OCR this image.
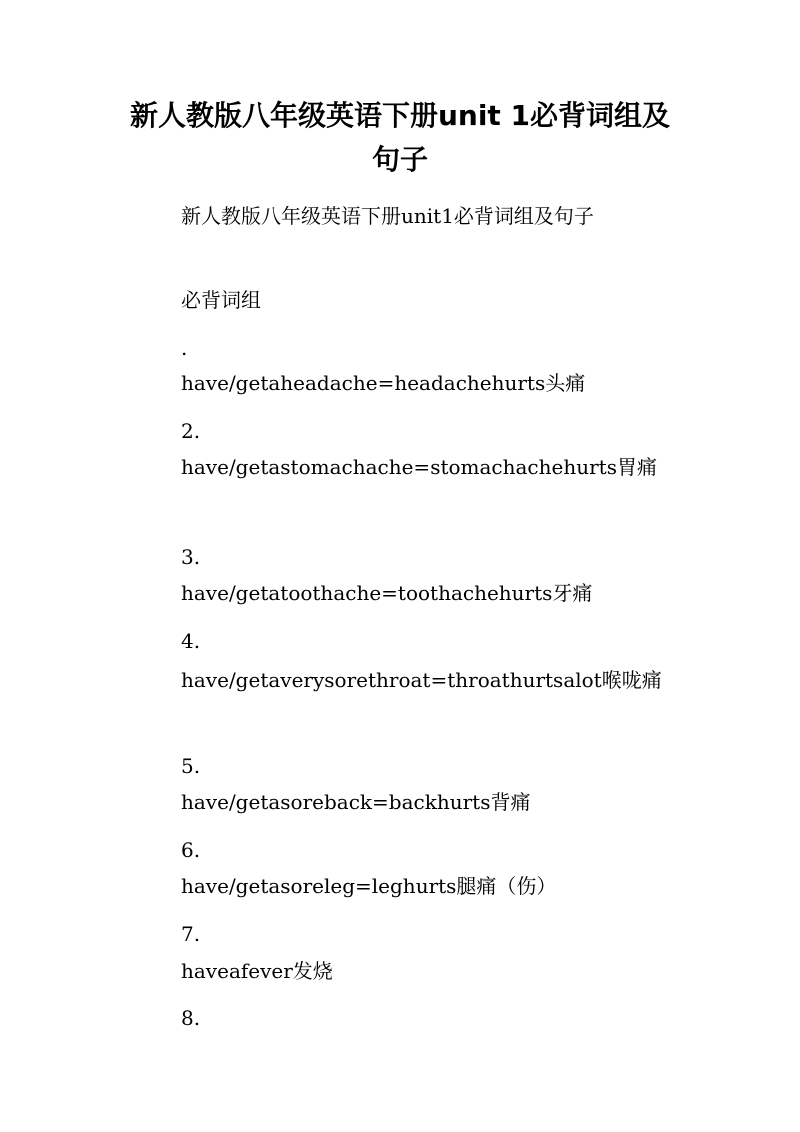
新人教版八年级英语下册unit 1必背词组及句子

新人教版八年级英语下册unit1必背词组及句子

必背词组

.

have/getaheadache=headachehurts头痛

2.

have/getastomachache=stomachachehurts胃痛

3.

have/getatoothache=toothachehurts牙痛

4.

have/getaverysorethroat=throathurtsalot喉咙痛

5.

have/getasoreback=backhurts背痛

6.

have/getasoreleg=leghurts腿痛（伤）

7.

haveafever发烧

8.
